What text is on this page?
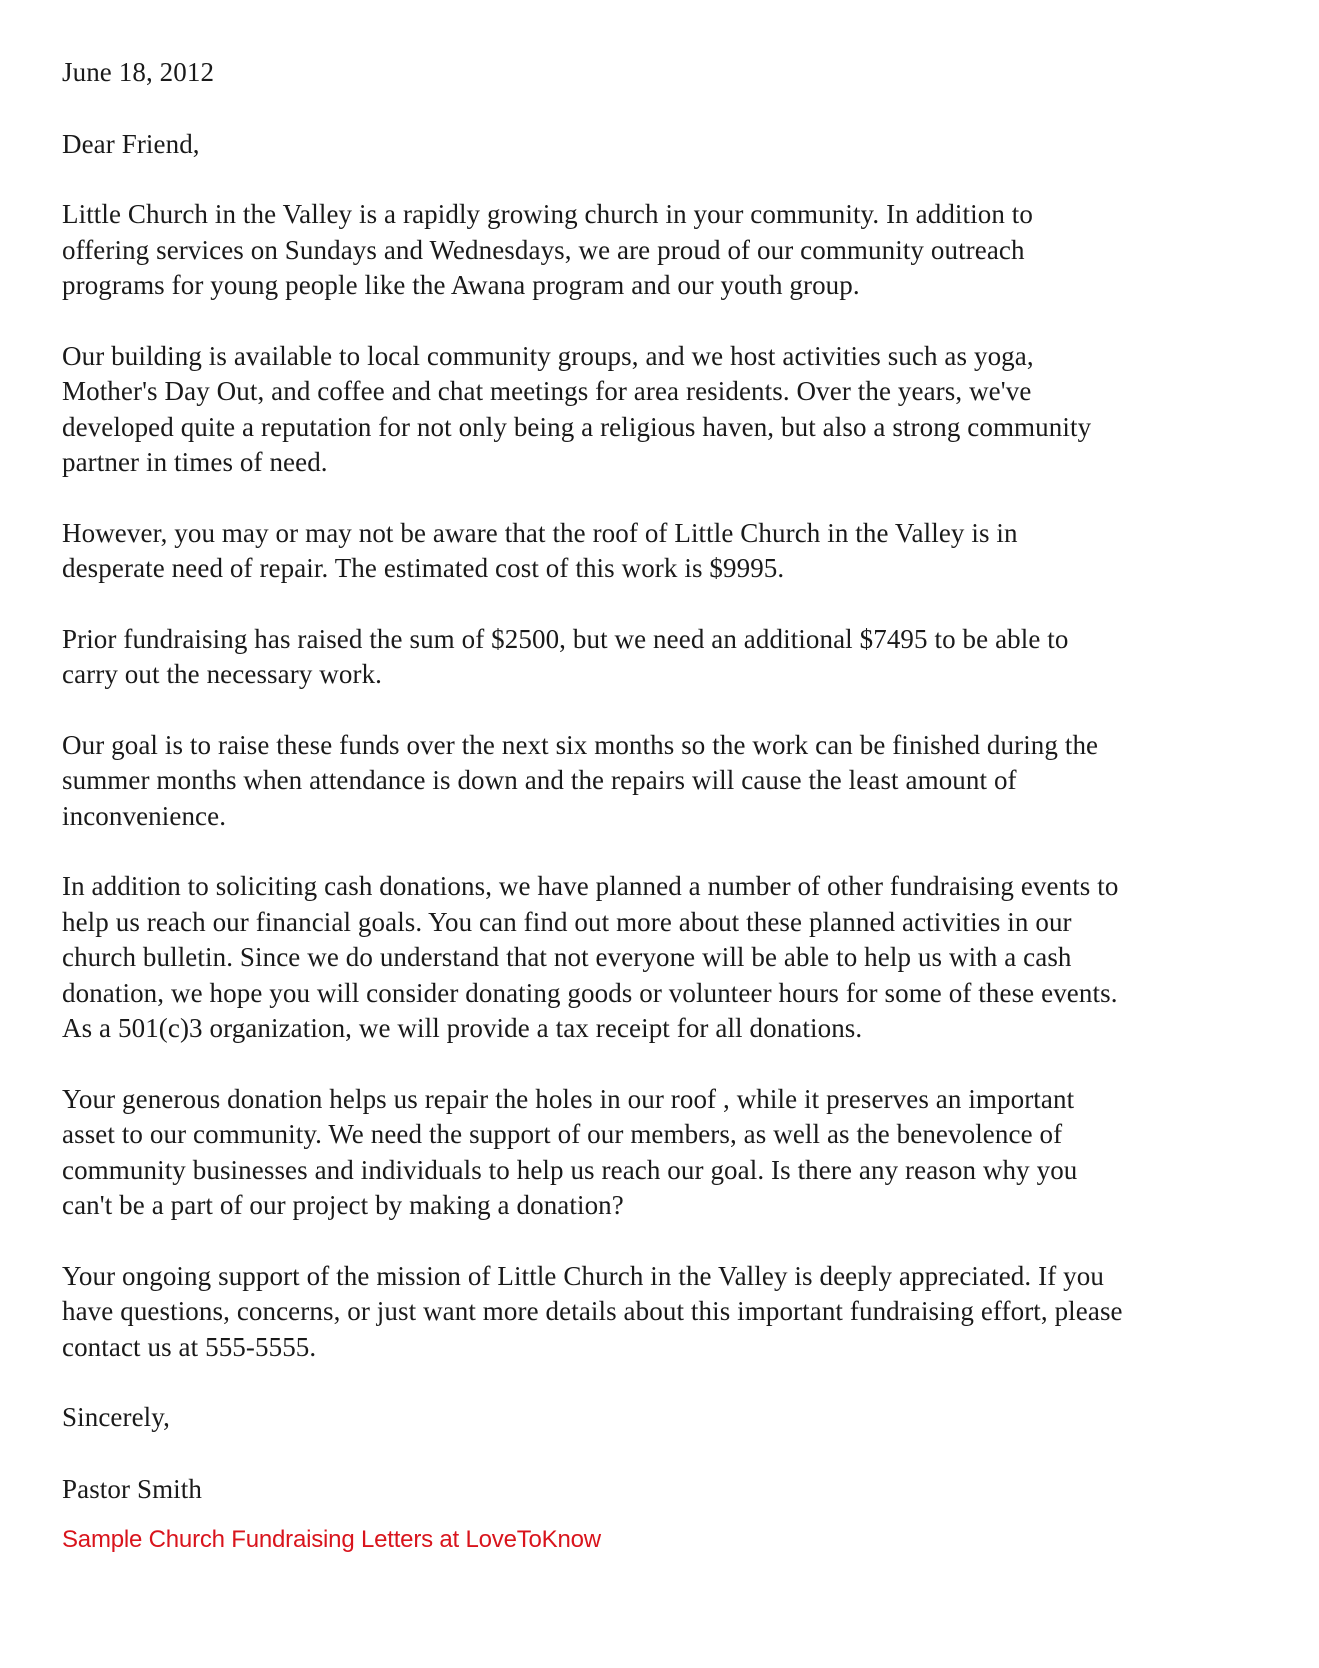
June 18, 2012
Dear Friend,
Little Church in the Valley is a rapidly growing church in your community. In addition to
offering services on Sundays and Wednesdays, we are proud of our community outreach
programs for young people like the Awana program and our youth group.
Our building is available to local community groups, and we host activities such as yoga,
Mother's Day Out, and coffee and chat meetings for area residents. Over the years, we've
developed quite a reputation for not only being a religious haven, but also a strong community
partner in times of need.
However, you may or may not be aware that the roof of Little Church in the Valley is in
desperate need of repair. The estimated cost of this work is $9995.
Prior fundraising has raised the sum of $2500, but we need an additional $7495 to be able to
carry out the necessary work.
Our goal is to raise these funds over the next six months so the work can be finished during the
summer months when attendance is down and the repairs will cause the least amount of
inconvenience.
In addition to soliciting cash donations, we have planned a number of other fundraising events to
help us reach our financial goals. You can find out more about these planned activities in our
church bulletin. Since we do understand that not everyone will be able to help us with a cash
donation, we hope you will consider donating goods or volunteer hours for some of these events.
As a 501(c)3 organization, we will provide a tax receipt for all donations.
Your generous donation helps us repair the holes in our roof , while it preserves an important
asset to our community. We need the support of our members, as well as the benevolence of
community businesses and individuals to help us reach our goal. Is there any reason why you
can't be a part of our project by making a donation?
Your ongoing support of the mission of Little Church in the Valley is deeply appreciated. If you
have questions, concerns, or just want more details about this important fundraising effort, please
contact us at 555-5555.
Sincerely,
Pastor Smith
Sample Church Fundraising Letters at LoveToKnow
